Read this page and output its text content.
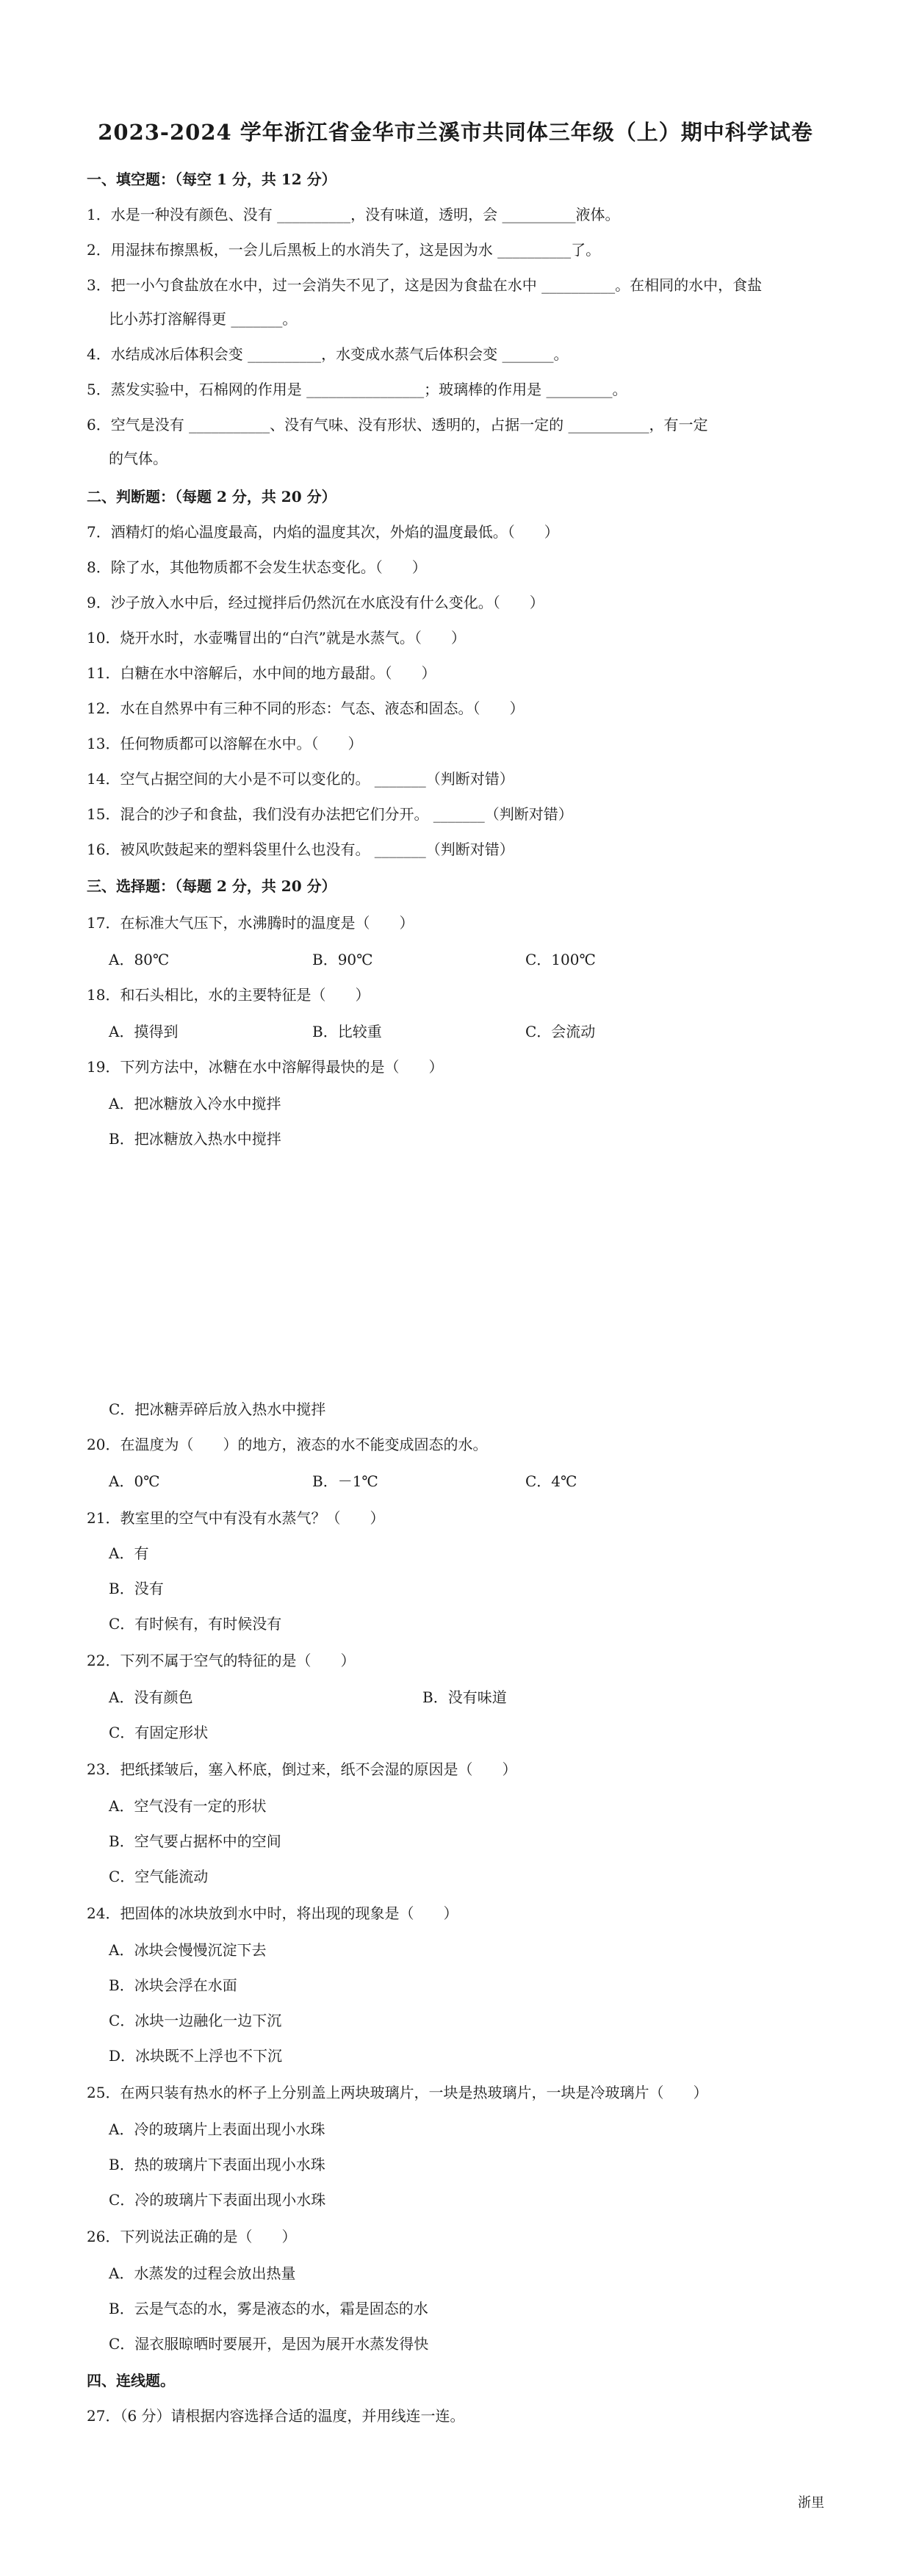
2023-2024 学年浙江省金华市兰溪市共同体三年级（上）期中科学试卷
一、填空题：（每空 1 分，共 12 分）
1．水是一种没有颜色、没有 __________，没有味道，透明，会 __________液体。
2．用湿抹布擦黑板，一会儿后黑板上的水消失了，这是因为水 __________了。
3．把一小勺食盐放在水中，过一会消失不见了，这是因为食盐在水中 __________。在相同的水中，食盐
比小苏打溶解得更 _______。
4．水结成冰后体积会变 __________，水变成水蒸气后体积会变 _______。
5．蒸发实验中，石棉网的作用是 ________________；玻璃棒的作用是 _________。
6．空气是没有 ___________、没有气味、没有形状、透明的，占据一定的 ___________，有一定
的气体。
二、判断题：（每题 2 分，共 20 分）
7．酒精灯的焰心温度最高，内焰的温度其次，外焰的温度最低。（　　）
8．除了水，其他物质都不会发生状态变化。（　　）
9．沙子放入水中后，经过搅拌后仍然沉在水底没有什么变化。（　　）
10．烧开水时，水壶嘴冒出的“白汽”就是水蒸气。（　　）
11．白糖在水中溶解后，水中间的地方最甜。（　　）
12．水在自然界中有三种不同的形态：气态、液态和固态。（　　）
13．任何物质都可以溶解在水中。（　　）
14．空气占据空间的大小是不可以变化的。 _______（判断对错）
15．混合的沙子和食盐，我们没有办法把它们分开。 _______（判断对错）
16．被风吹鼓起来的塑料袋里什么也没有。 _______（判断对错）
三、选择题：（每题 2 分，共 20 分）
17．在标准大气压下，水沸腾时的温度是（　　）
A．80℃	B．90℃	C．100℃
18．和石头相比，水的主要特征是（　　）
A．摸得到	B．比较重	C．会流动
19．下列方法中，冰糖在水中溶解得最快的是（　　）
A．把冰糖放入冷水中搅拌
B．把冰糖放入热水中搅拌
C．把冰糖弄碎后放入热水中搅拌
20．在温度为（　　）的地方，液态的水不能变成固态的水。
A．0℃	B．－1℃	C．4℃
21．教室里的空气中有没有水蒸气？（　　）
A．有
B．没有
C．有时候有，有时候没有
22．下列不属于空气的特征的是（　　）
A．没有颜色	B．没有味道
C．有固定形状
23．把纸揉皱后，塞入杯底，倒过来，纸不会湿的原因是（　　）
A．空气没有一定的形状
B．空气要占据杯中的空间
C．空气能流动
24．把固体的冰块放到水中时，将出现的现象是（　　）
A．冰块会慢慢沉淀下去
B．冰块会浮在水面
C．冰块一边融化一边下沉
D．冰块既不上浮也不下沉
25．在两只装有热水的杯子上分别盖上两块玻璃片，一块是热玻璃片，一块是冷玻璃片（　　）
A．冷的玻璃片上表面出现小水珠
B．热的玻璃片下表面出现小水珠
C．冷的玻璃片下表面出现小水珠
26．下列说法正确的是（　　）
A．水蒸发的过程会放出热量
B．云是气态的水，雾是液态的水，霜是固态的水
C．湿衣服晾晒时要展开，是因为展开水蒸发得快
四、连线题。
27．（6 分）请根据内容选择合适的温度，并用线连一连。
浙里
